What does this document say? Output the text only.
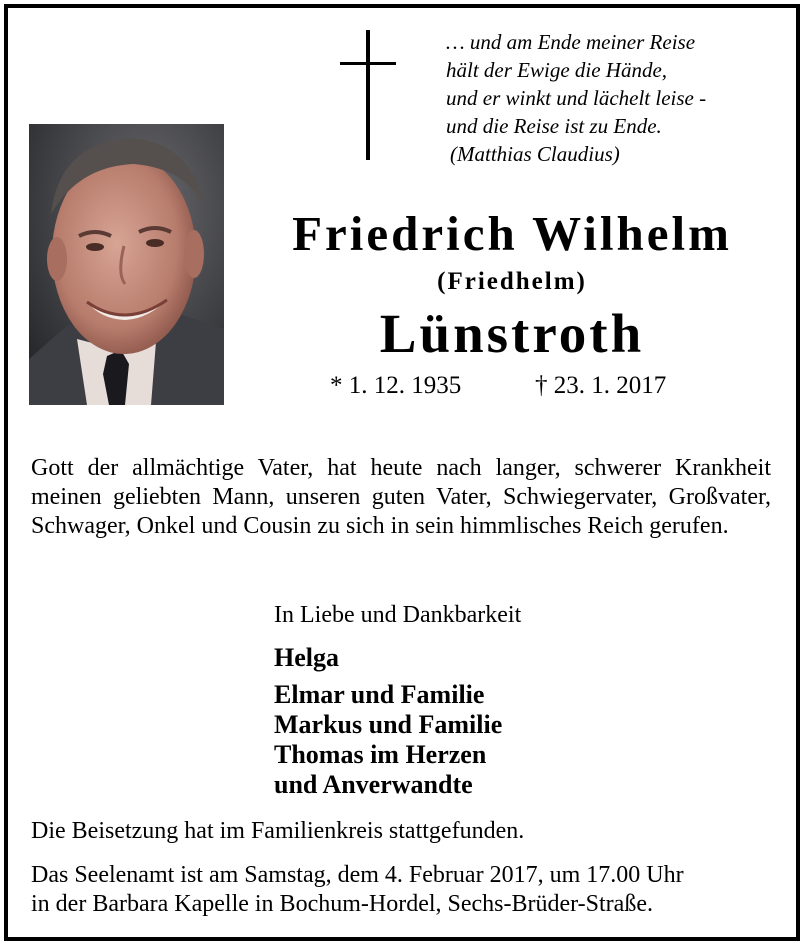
… und am Ende meiner Reise
hält der Ewige die Hände,
und er winkt und lächelt leise -
und die Reise ist zu Ende.
(Matthias Claudius)
Friedrich Wilhelm
(Friedhelm)
Lünstroth
* 1. 12. 1935	† 23. 1. 2017
Gott der allmächtige Vater, hat heute nach langer, schwerer Krankheit meinen geliebten Mann, unseren guten Vater, Schwiegervater, Großvater, Schwager, Onkel und Cousin zu sich in sein himmlisches Reich gerufen.
In Liebe und Dankbarkeit
Helga
Elmar und Familie
Markus und Familie
Thomas im Herzen
und Anverwandte
Die Beisetzung hat im Familienkreis stattgefunden.
Das Seelenamt ist am Samstag, dem 4. Februar 2017, um 17.00 Uhr
in der Barbara Kapelle in Bochum-Hordel, Sechs-Brüder-Straße.
